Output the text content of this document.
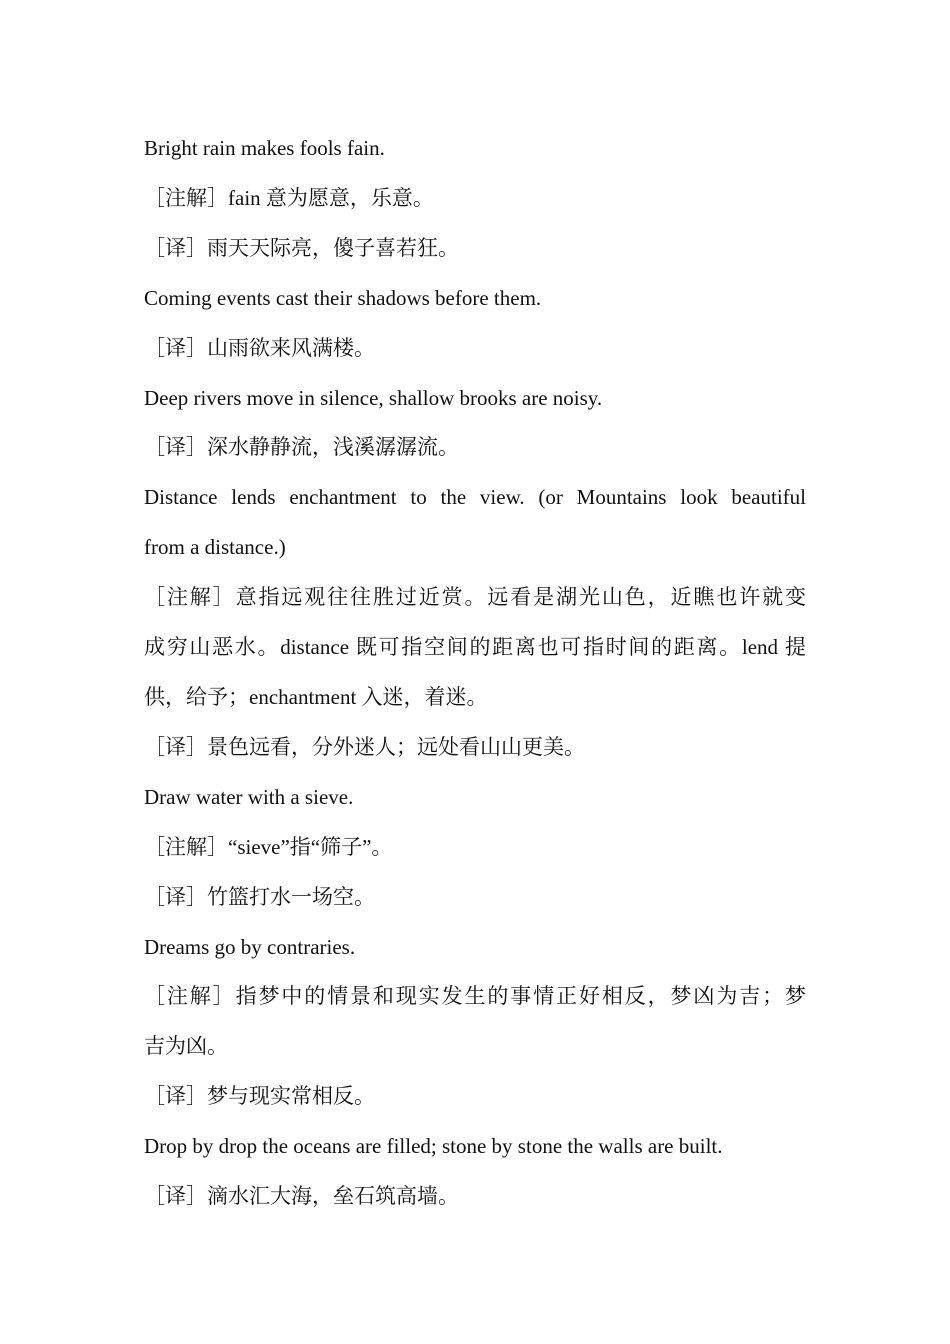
Bright rain makes fools fain.

［注解］fain 意为愿意，乐意。

［译］雨天天际亮，傻子喜若狂。

Coming events cast their shadows before them.

［译］山雨欲来风满楼。

Deep rivers move in silence, shallow brooks are noisy.

［译］深水静静流，浅溪潺潺流。

Distance lends enchantment to the view. (or Mountains look beautiful

from a distance.)

［注解］意指远观往往胜过近赏。远看是湖光山色，近瞧也许就变

成穷山恶水。distance 既可指空间的距离也可指时间的距离。lend 提

供，给予；enchantment 入迷，着迷。

［译］景色远看，分外迷人；远处看山山更美。

Draw water with a sieve.

［注解］“sieve”指“筛子”。

［译］竹篮打水一场空。

Dreams go by contraries.

［注解］指梦中的情景和现实发生的事情正好相反，梦凶为吉；梦

吉为凶。

［译］梦与现实常相反。

Drop by drop the oceans are filled; stone by stone the walls are built.

［译］滴水汇大海，垒石筑高墙。
